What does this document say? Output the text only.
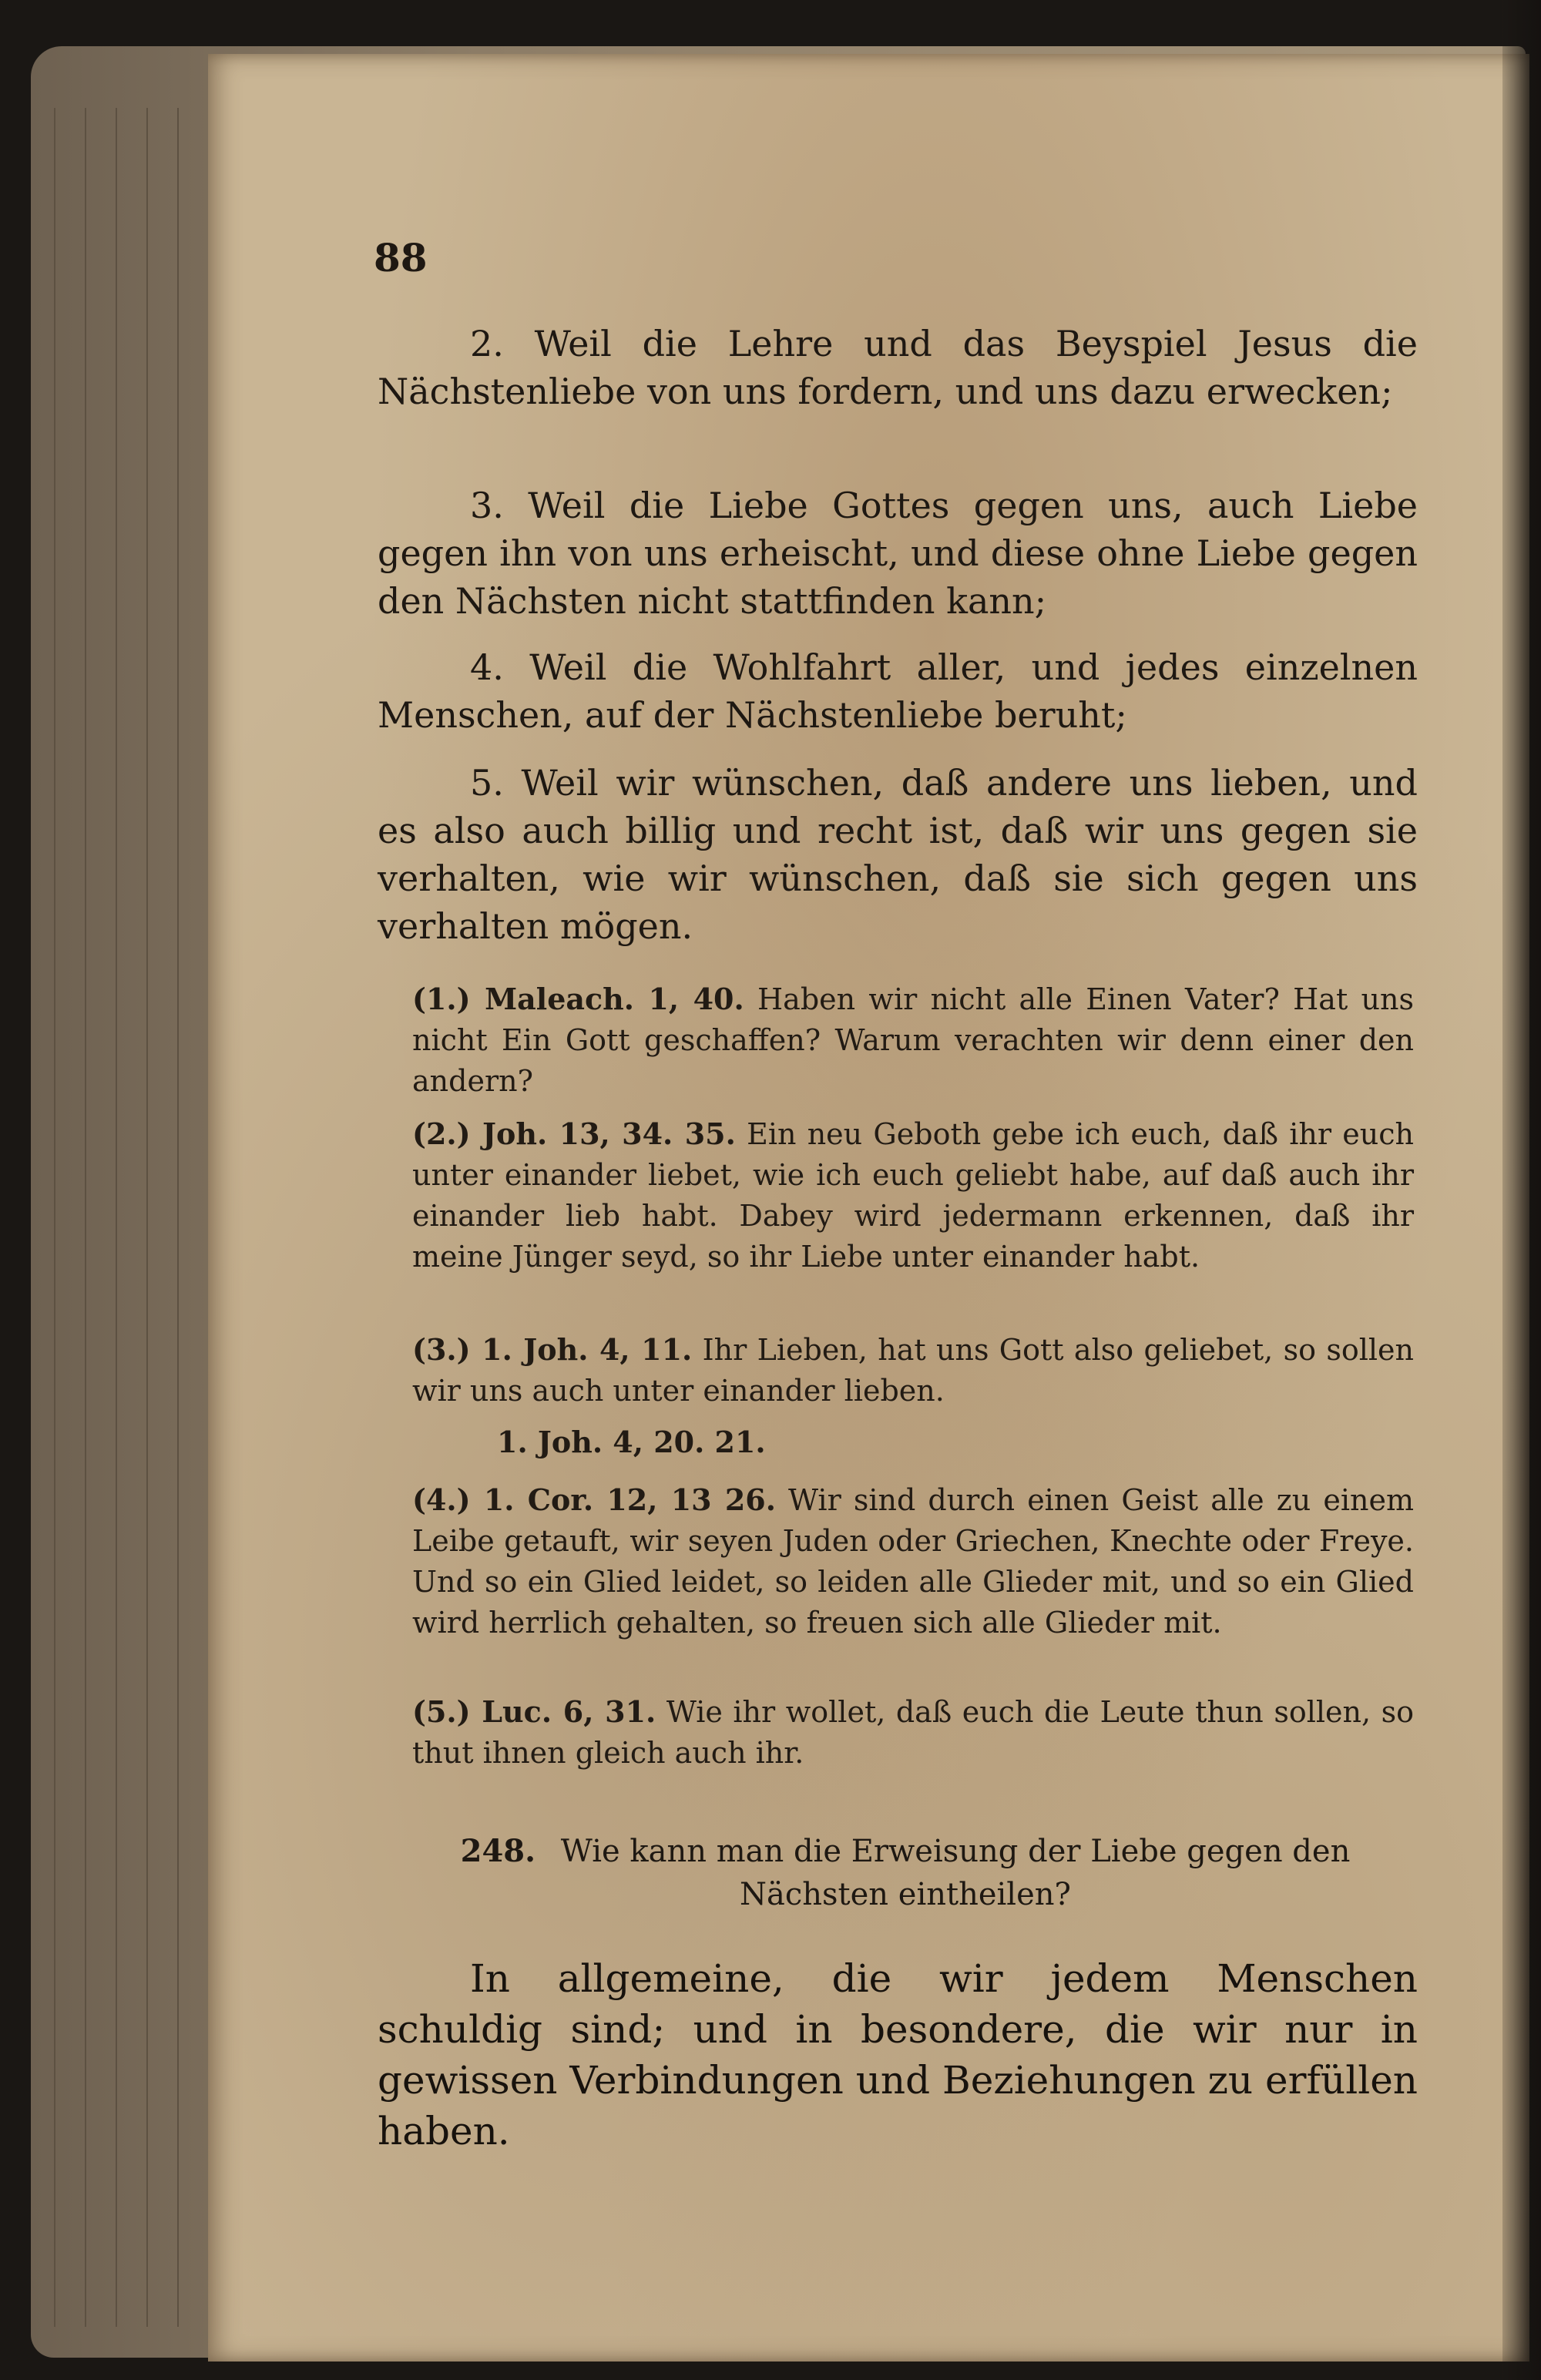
88
2. Weil die Lehre und das Beyspiel Jesus die Nächstenliebe von uns fordern, und uns dazu erwecken;
3. Weil die Liebe Gottes gegen uns, auch Liebe gegen ihn von uns erheischt, und diese ohne Liebe gegen den Nächsten nicht stattfinden kann;
4. Weil die Wohlfahrt aller, und jedes einzelnen Menschen, auf der Nächstenliebe beruht;
5. Weil wir wünschen, daß andere uns lieben, und es also auch billig und recht ist, daß wir uns gegen sie verhalten, wie wir wünschen, daß sie sich gegen uns verhalten mögen.
(1.) Maleach. 1, 40. Haben wir nicht alle Einen Vater? Hat uns nicht Ein Gott geschaffen? Warum verachten wir denn einer den andern?
(2.) Joh. 13, 34. 35. Ein neu Geboth gebe ich euch, daß ihr euch unter einander liebet, wie ich euch geliebt habe, auf daß auch ihr einander lieb habt. Dabey wird jedermann erkennen, daß ihr meine Jünger seyd, so ihr Liebe unter einander habt.
(3.) 1. Joh. 4, 11. Ihr Lieben, hat uns Gott also geliebet, so sollen wir uns auch unter einander lieben.
1. Joh. 4, 20. 21.
(4.) 1. Cor. 12, 13 26. Wir sind durch einen Geist alle zu einem Leibe getauft, wir seyen Juden oder Griechen, Knechte oder Freye. Und so ein Glied leidet, so leiden alle Glieder mit, und so ein Glied wird herrlich gehalten, so freuen sich alle Glieder mit.
(5.) Luc. 6, 31. Wie ihr wollet, daß euch die Leute thun sollen, so thut ihnen gleich auch ihr.
248. Wie kann man die Erweisung der Liebe gegen den Nächsten eintheilen?
In allgemeine, die wir jedem Menschen schuldig sind; und in besondere, die wir nur in gewissen Verbindungen und Beziehungen zu erfüllen haben.
